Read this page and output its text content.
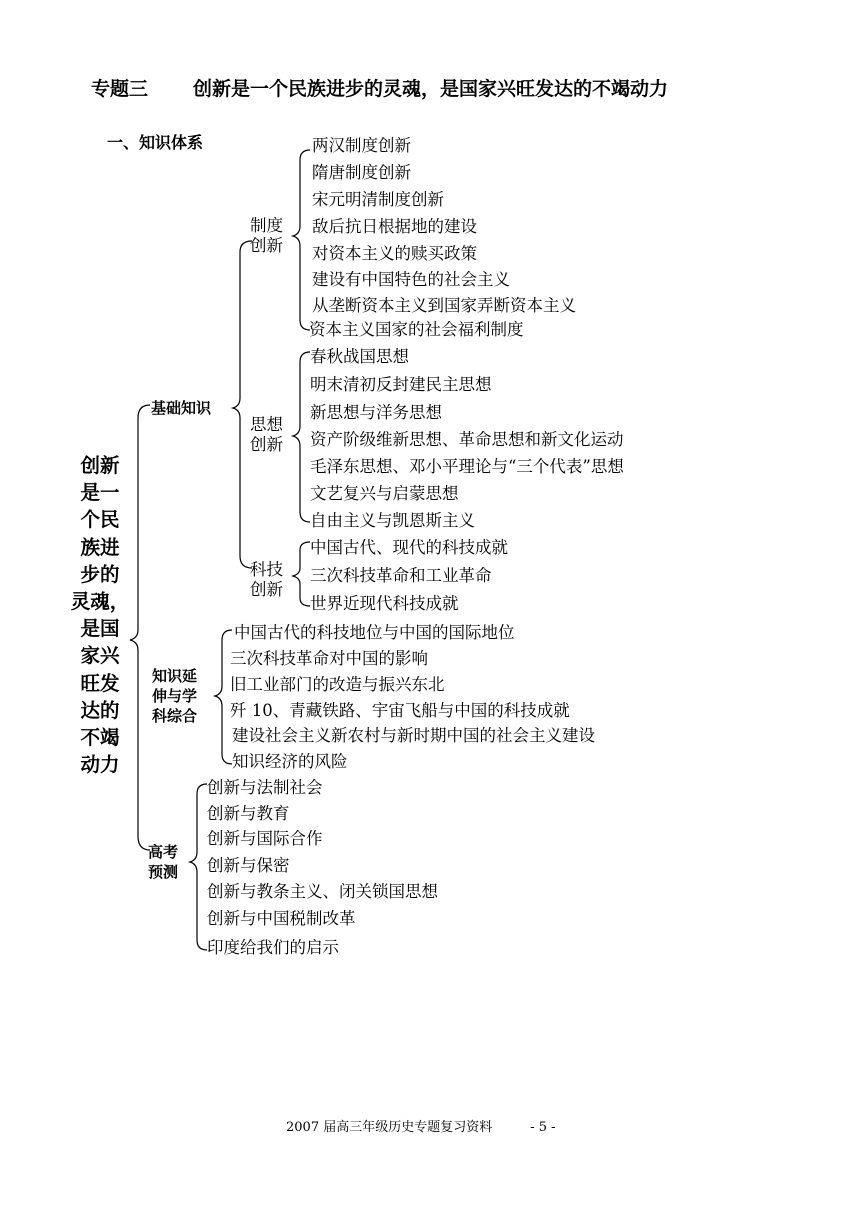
专题三 创新是一个民族进步的灵魂，是国家兴旺发达的不竭动力
一、知识体系
创新
是一
个民
族进
步的
灵魂，
是国
家兴
旺发
达的
不竭
动力
基础知识
制度
创新
思想
创新
科技
创新
两汉制度创新
隋唐制度创新
宋元明清制度创新
敌后抗日根据地的建设
对资本主义的赎买政策
建设有中国特色的社会主义
从垄断资本主义到国家弄断资本主义
资本主义国家的社会福利制度
春秋战国思想
明末清初反封建民主思想
新思想与洋务思想
资产阶级维新思想、革命思想和新文化运动
毛泽东思想、邓小平理论与“三个代表”思想
文艺复兴与启蒙思想
自由主义与凯恩斯主义
中国古代、现代的科技成就
三次科技革命和工业革命
世界近现代科技成就
知识延
伸与学
科综合
中国古代的科技地位与中国的国际地位
三次科技革命对中国的影响
旧工业部门的改造与振兴东北
歼 10、青藏铁路、宇宙飞船与中国的科技成就
建设社会主义新农村与新时期中国的社会主义建设
知识经济的风险
高考
预测
创新与法制社会
创新与教育
创新与国际合作
创新与保密
创新与教条主义、闭关锁国思想
创新与中国税制改革
印度给我们的启示
2007 届高三年级历史专题复习资料	- 5 -
